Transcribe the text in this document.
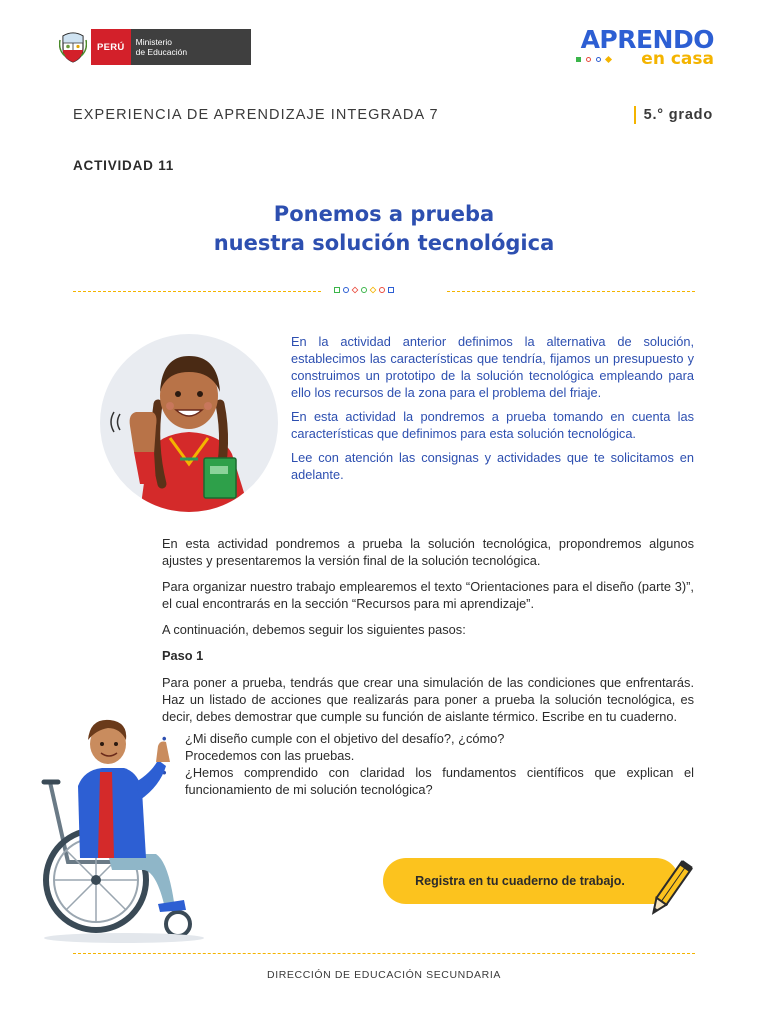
PERÚ	Ministerio
de Educación	APRENDO
en casa
EXPERIENCIA DE APRENDIZAJE INTEGRADA 7	5.° grado
ACTIVIDAD 11
Ponemos a prueba
nuestra solución tecnológica

En la actividad anterior definimos la alternativa de solución, establecimos las características que tendría, fijamos un presupuesto y construimos un prototipo de la solución tecnológica empleando para ello los recursos de la zona para el problema del friaje.

En esta actividad la pondremos a prueba tomando en cuenta las características que definimos para esta solución tecnológica.

Lee con atención las consignas y actividades que te solicitamos en adelante.

En esta actividad pondremos a prueba la solución tecnológica, propondremos algunos ajustes y presentaremos la versión final de la solución tecnológica.

Para organizar nuestro trabajo emplearemos el texto “Orientaciones para el diseño (parte 3)”, el cual encontrarás en la sección “Recursos para mi aprendizaje”.

A continuación, debemos seguir los siguientes pasos:

Paso 1

Para poner a prueba, tendrás que crear una simulación de las condiciones que enfrentarás. Haz un listado de acciones que realizarás para poner a prueba la solución tecnológica, es decir, debes demostrar que cumple su función de aislante térmico. Escribe en tu cuaderno.

• ¿Mi diseño cumple con el objetivo del desafío?, ¿cómo?
• Procedemos con las pruebas.
• ¿Hemos comprendido con claridad los fundamentos científicos que explican el funcionamiento de mi solución tecnológica?
Registra en tu cuaderno de trabajo.
DIRECCIÓN DE EDUCACIÓN SECUNDARIA
